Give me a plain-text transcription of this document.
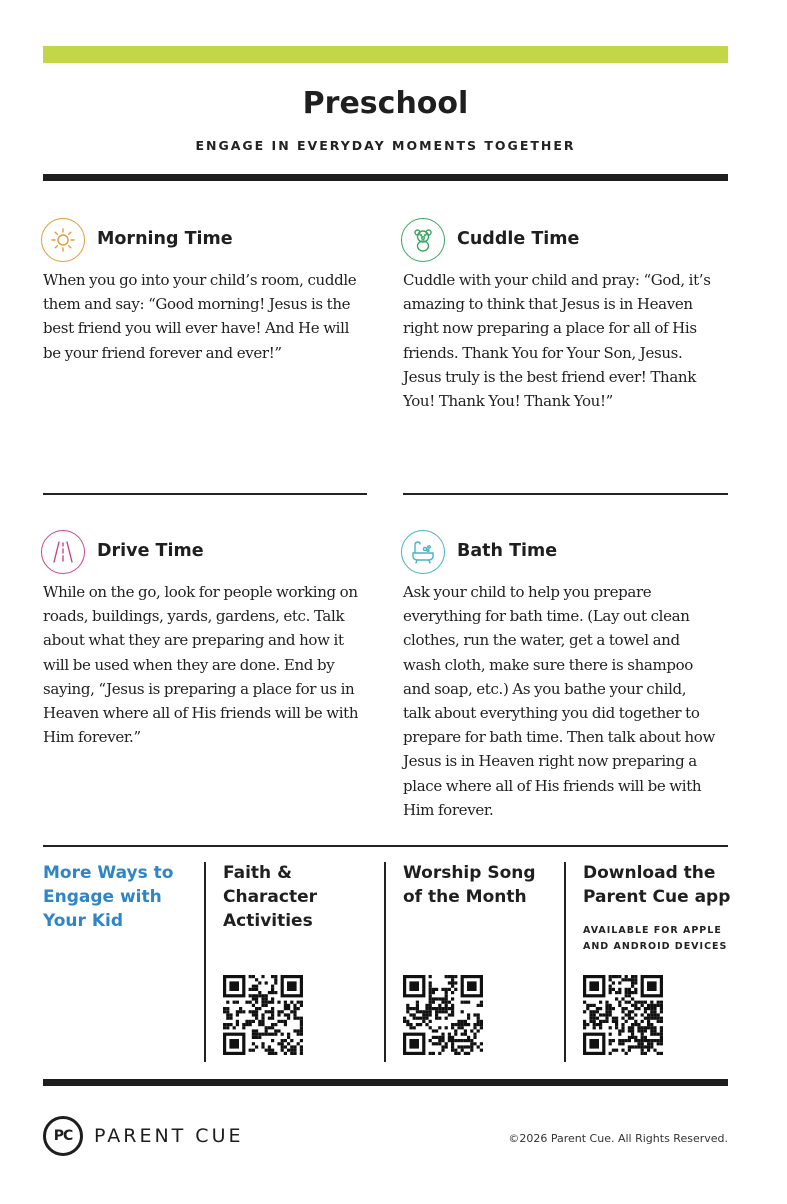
Preschool
ENGAGE IN EVERYDAY MOMENTS TOGETHER
Morning Time
When you go into your child’s room, cuddle
them and say: “Good morning! Jesus is the
best friend you will ever have! And He will
be your friend forever and ever!”
Cuddle Time
Cuddle with your child and pray: “God, it’s
amazing to think that Jesus is in Heaven
right now preparing a place for all of His
friends. Thank You for Your Son, Jesus.
Jesus truly is the best friend ever! Thank
You! Thank You! Thank You!”
Drive Time
While on the go, look for people working on
roads, buildings, yards, gardens, etc. Talk
about what they are preparing and how it
will be used when they are done. End by
saying, “Jesus is preparing a place for us in
Heaven where all of His friends will be with
Him forever.”
Bath Time
Ask your child to help you prepare
everything for bath time. (Lay out clean
clothes, run the water, get a towel and
wash cloth, make sure there is shampoo
and soap, etc.) As you bathe your child,
talk about everything you did together to
prepare for bath time. Then talk about how
Jesus is in Heaven right now preparing a
place where all of His friends will be with
Him forever.
More Ways to
Engage with
Your Kid
Faith &
Character
Activities
Worship Song
of the Month
Download the
Parent Cue app
AVAILABLE FOR APPLE
AND ANDROID DEVICES
PC	PARENT CUE	©2026 Parent Cue. All Rights Reserved.
